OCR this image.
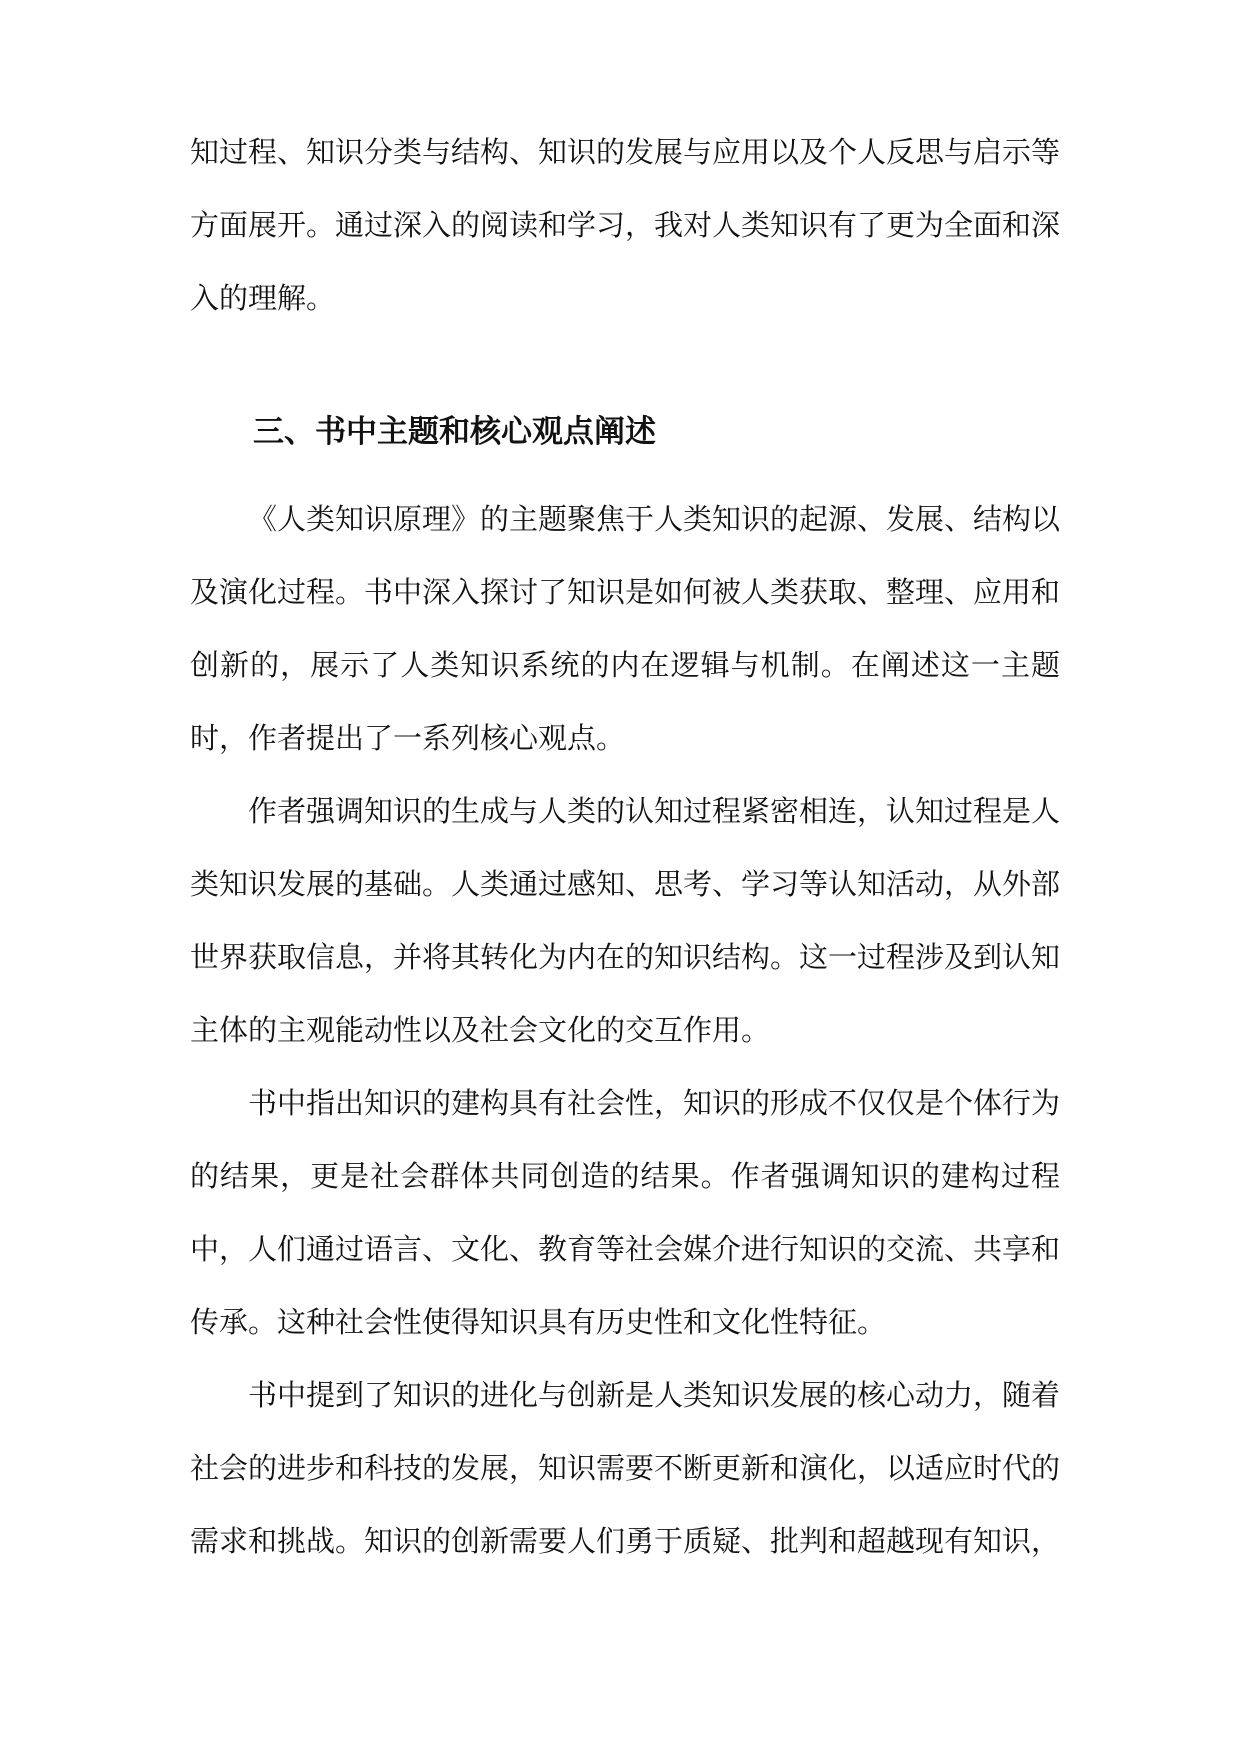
知过程、知识分类与结构、知识的发展与应用以及个人反思与启示等方面展开。通过深入的阅读和学习，我对人类知识有了更为全面和深入的理解。

三、书中主题和核心观点阐述

《人类知识原理》的主题聚焦于人类知识的起源、发展、结构以及演化过程。书中深入探讨了知识是如何被人类获取、整理、应用和创新的，展示了人类知识系统的内在逻辑与机制。在阐述这一主题时，作者提出了一系列核心观点。

作者强调知识的生成与人类的认知过程紧密相连，认知过程是人类知识发展的基础。人类通过感知、思考、学习等认知活动，从外部世界获取信息，并将其转化为内在的知识结构。这一过程涉及到认知主体的主观能动性以及社会文化的交互作用。

书中指出知识的建构具有社会性，知识的形成不仅仅是个体行为的结果，更是社会群体共同创造的结果。作者强调知识的建构过程中，人们通过语言、文化、教育等社会媒介进行知识的交流、共享和传承。这种社会性使得知识具有历史性和文化性特征。

书中提到了知识的进化与创新是人类知识发展的核心动力，随着社会的进步和科技的发展，知识需要不断更新和演化，以适应时代的需求和挑战。知识的创新需要人们勇于质疑、批判和超越现有知识，
